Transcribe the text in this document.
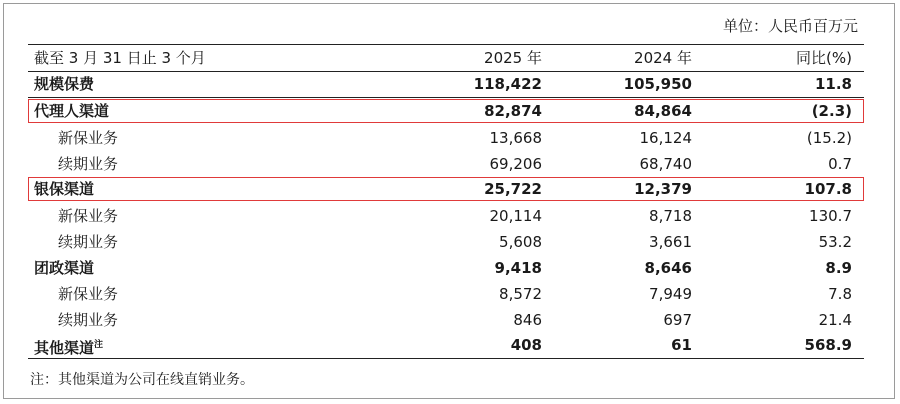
单位：人民币百万元
截至 3 月 31 日止 3 个月	2025 年	2024 年	同比(%)
规模保费	118,422	105,950	11.8
代理人渠道	82,874	84,864	(2.3)
新保业务	13,668	16,124	(15.2)
续期业务	69,206	68,740	0.7
银保渠道	25,722	12,379	107.8
新保业务	20,114	8,718	130.7
续期业务	5,608	3,661	53.2
团政渠道	9,418	8,646	8.9
新保业务	8,572	7,949	7.8
续期业务	846	697	21.4
其他渠道$^注$	408	61	568.9
注：其他渠道为公司在线直销业务。
